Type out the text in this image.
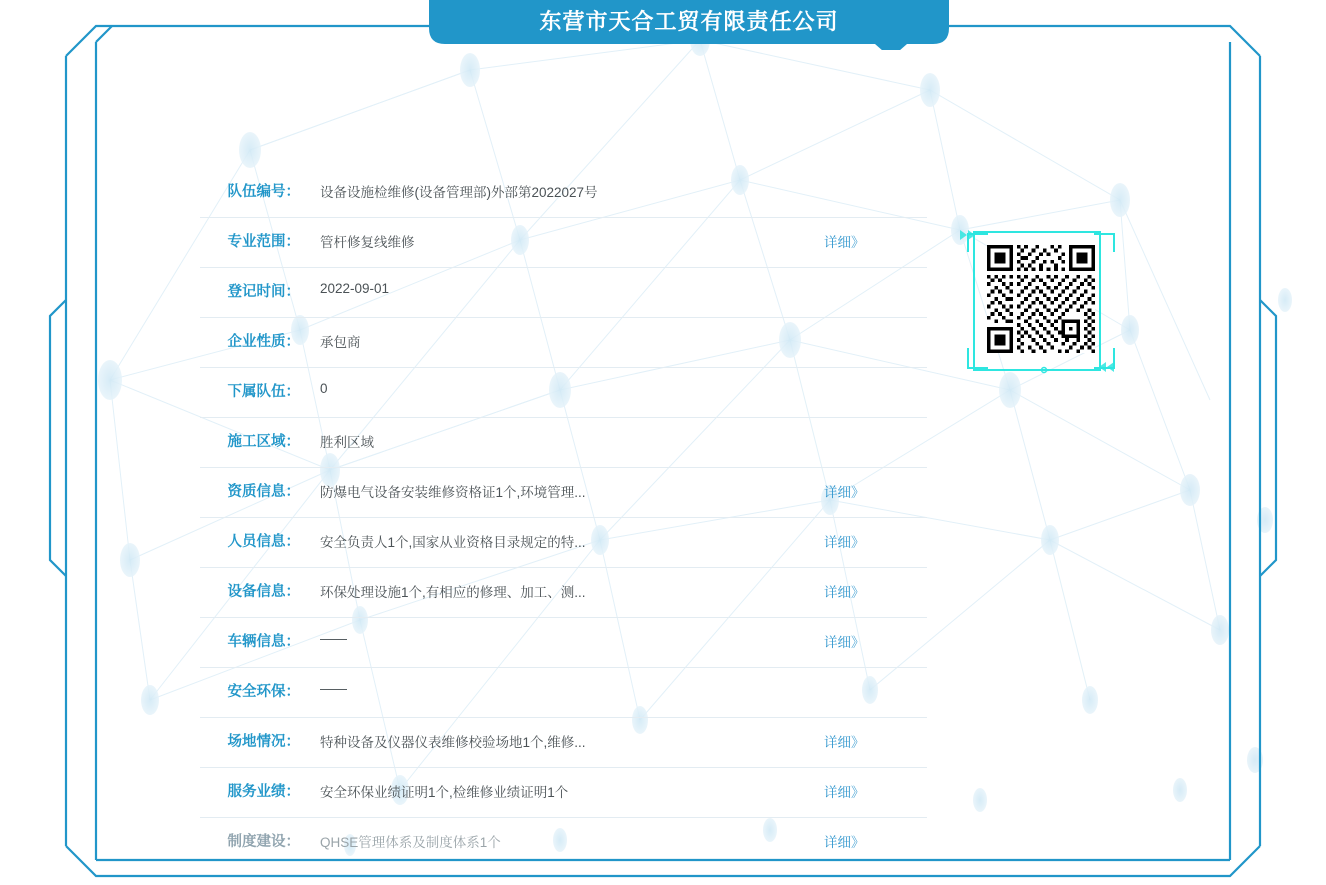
东营市天合工贸有限责任公司
队伍编号： 设备设施检维修(设备管理部)外部第2022027号
专业范围： 管杆修复线维修	详细》
登记时间： 2022-09-01
企业性质： 承包商
下属队伍： 0
施工区域： 胜利区域
资质信息： 防爆电气设备安装维修资格证1个,环境管理...	详细》
人员信息： 安全负责人1个,国家从业资格目录规定的特...	详细》
设备信息： 环保处理设施1个,有相应的修理、加工、测...	详细》
车辆信息： ——	详细》
安全环保： ——
场地情况： 特种设备及仪器仪表维修校验场地1个,维修...	详细》
服务业绩： 安全环保业绩证明1个,检维修业绩证明1个	详细》
制度建设： QHSE管理体系及制度体系1个	详细》
